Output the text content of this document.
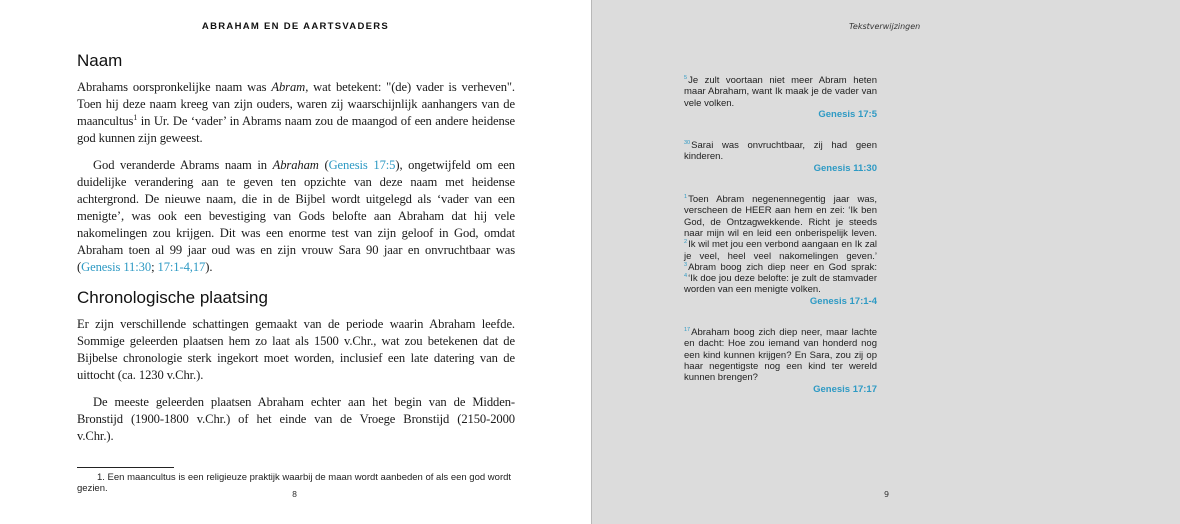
ABRAHAM EN DE AARTSVADERS
Naam

Abrahams oorspronkelijke naam was Abram, wat betekent: "(de) vader is verheven". Toen hij deze naam kreeg van zijn ouders, waren zij waarschijnlijk aanhangers van de maancultus$^1$ in Ur. De ‘vader’ in Abrams naam zou de maangod of een andere heidense god kunnen zijn geweest.

God veranderde Abrams naam in Abraham (Genesis 17:5), ongetwijfeld om een duidelijke verandering aan te geven ten opzichte van deze naam met heidense achtergrond. De nieuwe naam, die in de Bijbel wordt uitgelegd als ‘vader van een menigte’, was ook een bevestiging van Gods belofte aan Abraham dat hij vele nakomelingen zou krijgen. Dit was een enorme test van zijn geloof in God, omdat Abraham toen al 99 jaar oud was en zijn vrouw Sara 90 jaar en onvruchtbaar was (Genesis 11:30; 17:1-4,17).

Chronologische plaatsing

Er zijn verschillende schattingen gemaakt van de periode waarin Abraham leefde. Sommige geleerden plaatsen hem zo laat als 1500 v.Chr., wat zou betekenen dat de Bijbelse chronologie sterk ingekort moet worden, inclusief een late datering van de uittocht (ca. 1230 v.Chr.).

De meeste geleerden plaatsen Abraham echter aan het begin van de Midden-Bronstijd (1900-1800 v.Chr.) of het einde van de Vroege Bronstijd (2150-2000 v.Chr.).

1. Een maancultus is een religieuze praktijk waarbij de maan wordt aanbeden of als een god wordt gezien.

8
Tekstverwijzingen

$^5$Je zult voortaan niet meer Abram heten maar Abraham, want Ik maak je de vader van vele volken.
Genesis 17:5

$^{30}$Sarai was onvruchtbaar, zij had geen kinderen.
Genesis 11:30

$^1$Toen Abram negenennegentig jaar was, verscheen de HEER aan hem en zei: ‘Ik ben God, de Ontzagwekkende. Richt je steeds naar mijn wil en leid een onberispelijk leven. $^2$Ik wil met jou een verbond aangaan en Ik zal je veel, heel veel nakomelingen geven.’ $^3$Abram boog zich diep neer en God sprak: $^4$‘Ik doe jou deze belofte: je zult de stamvader worden van een menigte volken.
Genesis 17:1-4

$^{17}$Abraham boog zich diep neer, maar lachte en dacht: Hoe zou iemand van honderd nog een kind kunnen krijgen? En Sara, zou zij op haar negentigste nog een kind ter wereld kunnen brengen?
Genesis 17:17

9
